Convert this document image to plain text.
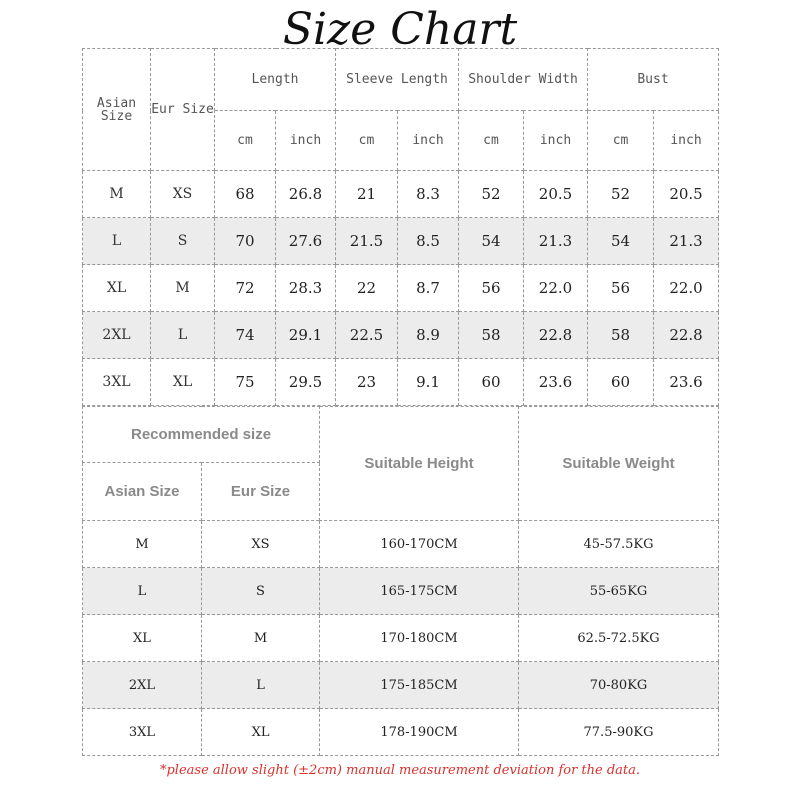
Size Chart
Asian Size	Eur Size	Length		Sleeve Length		Shoulder Width		Bust	
		cm	inch	cm	inch	cm	inch	cm	inch
M	XS	68	26.8	21	8.3	52	20.5	52	20.5
L	S	70	27.6	21.5	8.5	54	21.3	54	21.3
XL	M	72	28.3	22	8.7	56	22.0	56	22.0
2XL	L	74	29.1	22.5	8.9	58	22.8	58	22.8
3XL	XL	75	29.5	23	9.1	60	23.6	60	23.6
Recommended size		Suitable Height	Suitable Weight
Asian Size	Eur Size		
M	XS	160-170CM	45-57.5KG
L	S	165-175CM	55-65KG
XL	M	170-180CM	62.5-72.5KG
2XL	L	175-185CM	70-80KG
3XL	XL	178-190CM	77.5-90KG
*please allow slight (±2cm) manual measurement deviation for the data.
